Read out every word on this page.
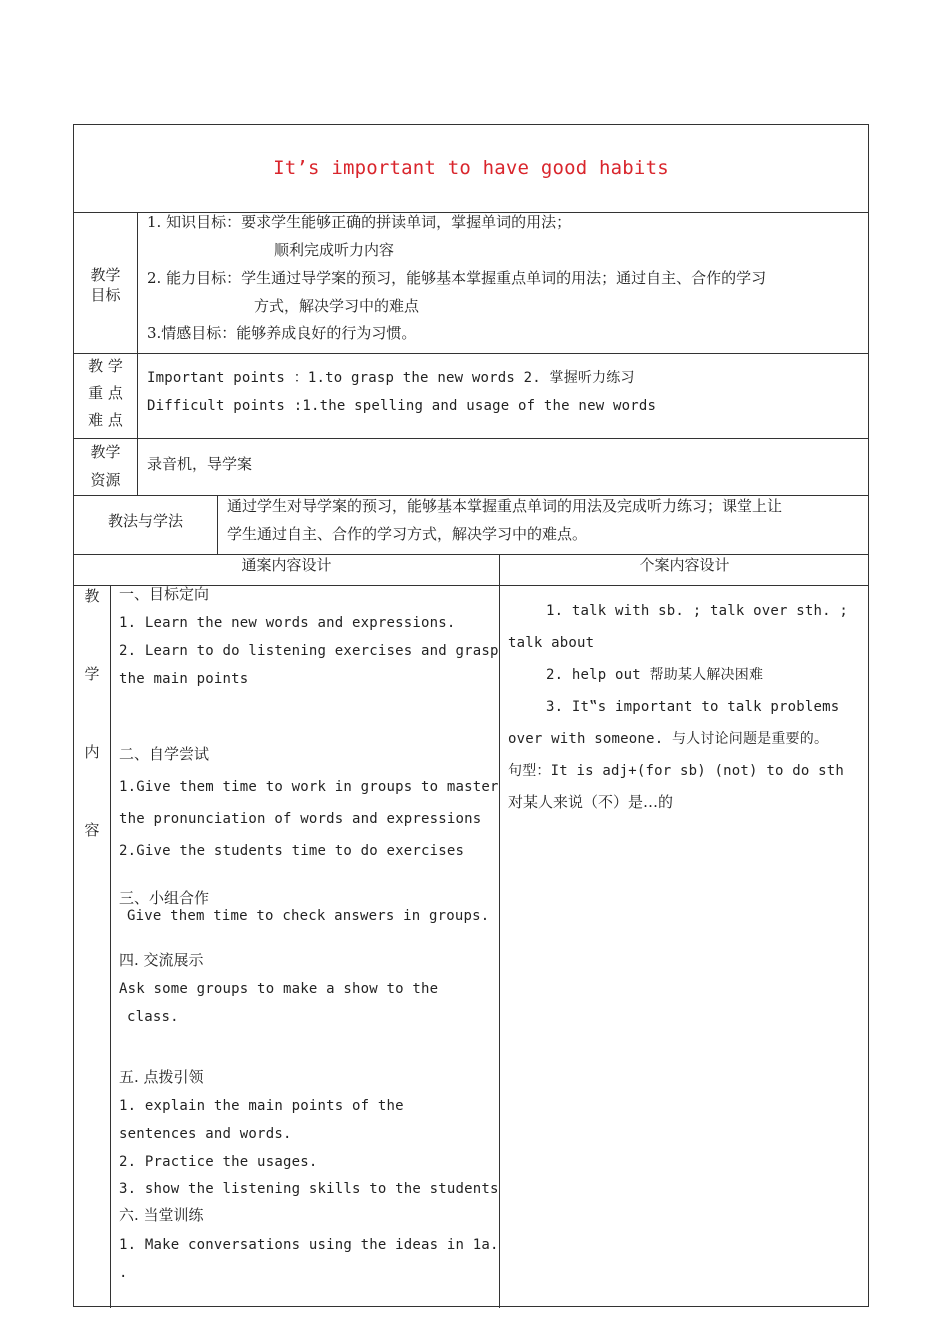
It’s important to have good habits
教学
目标
1. 知识目标：要求学生能够正确的拼读单词，掌握单词的用法；
顺利完成听力内容
2. 能力目标：学生通过导学案的预习，能够基本掌握重点单词的用法；通过自主、合作的学习
方式，解决学习中的难点
3.情感目标：能够养成良好的行为习惯。
教 学
重 点
难 点
Important points ：1.to grasp the new words 2. 掌握听力练习
Difficult points :1.the spelling and usage of the new words
教学
资源
录音机，导学案
教法与学法
通过学生对导学案的预习，能够基本掌握重点单词的用法及完成听力练习；课堂上让
学生通过自主、合作的学习方式，解决学习中的难点。
通案内容设计	个案内容设计
教
学
内
容
一、目标定向
1. Learn the new words and expressions.
2. Learn to do listening exercises and grasp
the main points
二、自学尝试
1.Give them time to work in groups to master
the pronunciation of words and expressions
2.Give the students time to do exercises
三、小组合作
Give them time to check answers in groups.
四. 交流展示
Ask some groups to make a show to the
class.
五. 点拨引领
1. explain the main points of the
sentences and words.
2. Practice the usages.
3. show the listening skills to the students
六. 当堂训练
1. Make conversations using the ideas in 1a.
.
1. talk with sb. ; talk over sth. ;
talk about
2. help out 帮助某人解决困难
3. It‟s important to talk problems
over with someone. 与人讨论问题是重要的。
句型：It is adj+(for sb) (not) to do sth
对某人来说（不）是…的
